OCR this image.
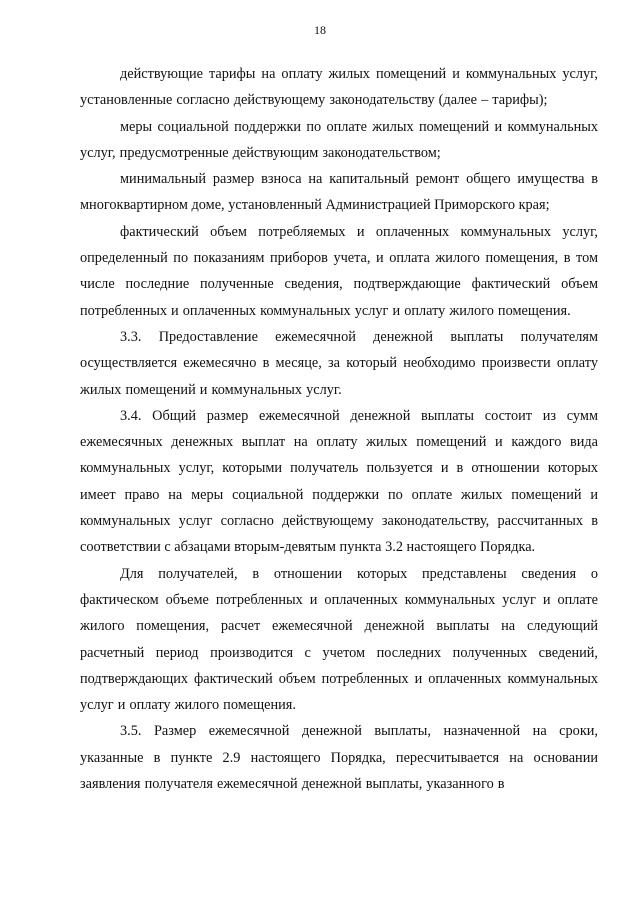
18

действующие тарифы на оплату жилых помещений и коммунальных услуг, установленные согласно действующему законодательству (далее – тарифы);

меры социальной поддержки по оплате жилых помещений и коммунальных услуг, предусмотренные действующим законодательством;

минимальный размер взноса на капитальный ремонт общего имущества в многоквартирном доме, установленный Администрацией Приморского края;

фактический объем потребляемых и оплаченных коммунальных услуг, определенный по показаниям приборов учета, и оплата жилого помещения, в том числе последние полученные сведения, подтверждающие фактический объем потребленных и оплаченных коммунальных услуг и оплату жилого помещения.

3.3. Предоставление ежемесячной денежной выплаты получателям осуществляется ежемесячно в месяце, за который необходимо произвести оплату жилых помещений и коммунальных услуг.

3.4. Общий размер ежемесячной денежной выплаты состоит из сумм ежемесячных денежных выплат на оплату жилых помещений и каждого вида коммунальных услуг, которыми получатель пользуется и в отношении которых имеет право на меры социальной поддержки по оплате жилых помещений и коммунальных услуг согласно действующему законодательству, рассчитанных в соответствии с абзацами вторым-девятым пункта 3.2 настоящего Порядка.

Для получателей, в отношении которых представлены сведения о фактическом объеме потребленных и оплаченных коммунальных услуг и оплате жилого помещения, расчет ежемесячной денежной выплаты на следующий расчетный период производится с учетом последних полученных сведений, подтверждающих фактический объем потребленных и оплаченных коммунальных услуг и оплату жилого помещения.

3.5. Размер ежемесячной денежной выплаты, назначенной на сроки, указанные в пункте 2.9 настоящего Порядка, пересчитывается на основании заявления получателя ежемесячной денежной выплаты, указанного в
